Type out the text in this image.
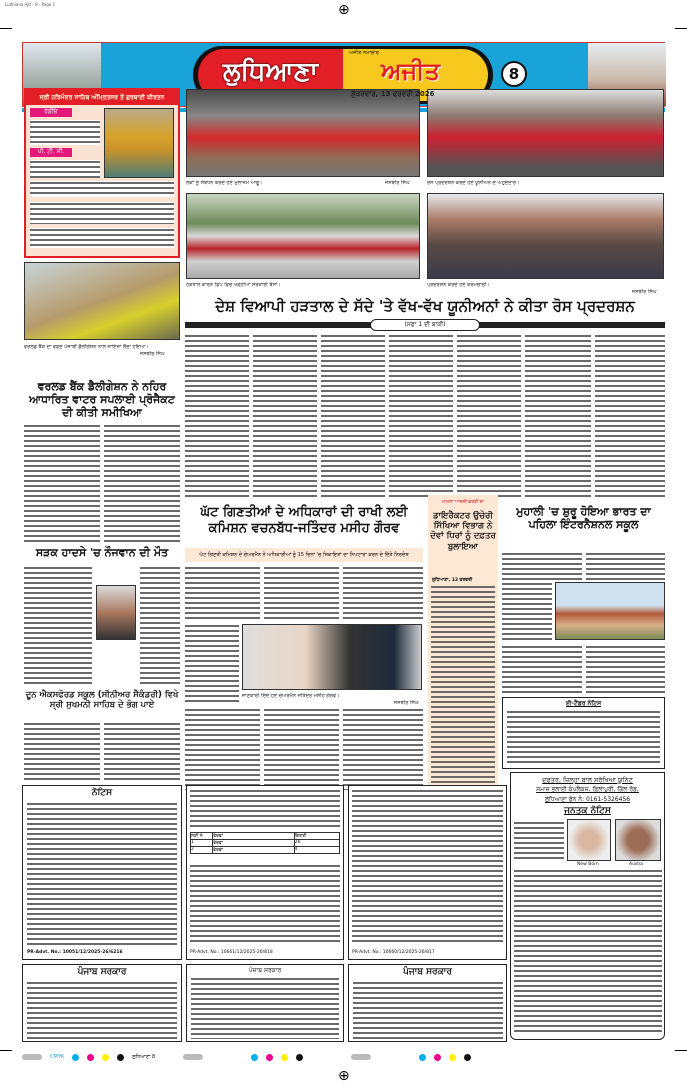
⊕
⊕
Ludhiana Ajit - 8 - Page 1
ਲੁਧਿਆਣਾ
ਅਜੀਤ ਸਮਾਚਾਰ
ਅਜੀਤ
ਸ਼ੁੱਕਰਵਾਰ, 13 ਫਰਵਰੀ 2026
8
ਸ੍ਰੀ ਹਰਿਮੰਦਰ ਸਾਹਿਬ ਅੰਮ੍ਰਿਤਸਰ ਤੋਂ ਗੁਰਬਾਣੀ ਕੀਰਤਨ
ਰੇਡੀਓ
ਪੀ. ਟੀ. ਸੀ.
ਵਰਲਡ ਬੈਂਕ ਦਾ ਵਫ਼ਦ ਪੰਜਾਬੀ ਡੈਲੀਗੇਸ਼ਨ ਨਾਲ ਜਾਇਜ਼ਾ ਲੈਂਦਾ ਹੋਇਆ।
ਜਸਬੀਰ ਸਿੰਘ
ਵਰਲਡ ਬੈਂਕ ਡੈਲੀਗੇਸ਼ਨ ਨੇ ਨਹਿਰ ਆਧਾਰਿਤ ਵਾਟਰ ਸਪਲਾਈ ਪ੍ਰੋਜੈਕਟ ਦੀ ਕੀਤੀ ਸਮੀਖਿਆ
ਸੜਕ ਹਾਦਸੇ 'ਚ ਨੌਜਵਾਨ ਦੀ ਮੌਤ
ਦੂਨ ਐਕਸਫੋਰਡ ਸਕੂਲ (ਸੀਨੀਅਰ ਸੈਕੰਡਰੀ) ਵਿਖੇ ਸ੍ਰੀ ਸੁਖਮਨੀ ਸਾਹਿਬ ਦੇ ਭੋਗ ਪਾਏ
ਲੋਕਾਂ ਨੂੰ ਸੰਬੋਧਨ ਕਰਦੇ ਹੋਏ ਮੁਲਾਜ਼ਮ ਆਗੂ।	ਜਸਬੀਰ ਸਿੰਘ	ਰੋਸ ਪ੍ਰਦਰਸ਼ਨ ਕਰਦੇ ਹੋਏ ਯੂਨੀਅਨ ਦੇ ਅਹੁਦੇਦਾਰ।
ਹੜਤਾਲ ਕਾਰਨ ਡਿਪੋ ਵਿਚ ਖੜ੍ਹੀਆਂ ਸਰਕਾਰੀ ਬੱਸਾਂ।	ਪ੍ਰਦਰਸ਼ਨ ਕਰਦੇ ਹੋਏ ਕਰਮਚਾਰੀ।
ਜਸਬੀਰ ਸਿੰਘ
ਦੇਸ਼ ਵਿਆਪੀ ਹੜਤਾਲ ਦੇ ਸੱਦੇ 'ਤੇ ਵੱਖ-ਵੱਖ ਯੂਨੀਅਨਾਂ ਨੇ ਕੀਤਾ ਰੋਸ ਪ੍ਰਦਰਸ਼ਨ
(ਸਫਾ 1 ਦੀ ਬਾਕੀ)
ਘੱਟ ਗਿਣਤੀਆਂ ਦੇ ਅਧਿਕਾਰਾਂ ਦੀ ਰਾਖੀ ਲਈ ਕਮਿਸ਼ਨ ਵਚਨਬੱਧ-ਜਤਿੰਦਰ ਮਸੀਹ ਗੌਰਵ
ਘੱਟ ਗਿਣਤੀ ਕਮਿਸ਼ਨ ਦੇ ਚੇਅਰਮੈਨ ਨੇ ਅਧਿਕਾਰੀਆਂ ਨੂੰ 15 ਦਿਨਾਂ 'ਚ ਸ਼ਿਕਾਇਤਾਂ ਦਾ ਨਿਪਟਾਰਾ ਕਰਨ ਦੇ ਦਿੱਤੇ ਨਿਰਦੇਸ਼
ਜਾਣਕਾਰੀ ਦਿੰਦੇ ਹੋਏ ਚੇਅਰਮੈਨ ਜਤਿੰਦਰ ਮਸੀਹ ਗੌਰਵ।
ਜਸਬੀਰ ਸਿੰਘ
ਮਾਮਲਾ ਆਰਜ਼ੀ ਭਰਤੀ ਦਾ
ਡਾਇਰੈਕਟਰ ਉਚੇਰੀ ਸਿੱਖਿਆ ਵਿਭਾਗ ਨੇ ਦੋਵਾਂ ਧਿਰਾਂ ਨੂੰ ਦਫ਼ਤਰ ਬੁਲਾਇਆ
ਲੁਧਿਆਣਾ, 12 ਫਰਵਰੀ
ਮੁਹਾਲੀ 'ਚ ਸ਼ੁਰੂ ਹੋਇਆ ਭਾਰਤ ਦਾ ਪਹਿਲਾ ਇੰਟਰਨੈਸ਼ਨਲ ਸਕੂਲ
ਈ-ਟੈਂਡਰ ਨੋਟਿਸ
ਦਫ਼ਤਰ, ਜ਼ਿਲ੍ਹਾ ਬਾਲ ਸੁਰੱਖਿਆ ਯੂਨਿਟ
ਸਮਾਜ ਭਲਾਈ ਕੰਪਲੈਕਸ, ਫ਼ਿਲਾਪੁਰੀ, ਗਿੱਲ ਰੋਡ,
ਲੁਧਿਆਣਾ ਫੋਨ ਨੰ: 0161-5326456
ਜਨਤਕ ਨੋਟਿਸ
New Born	Ausha
ਨੋਟਿਸ
PR-Advt. No.: 10051/12/2025-26/6216
ਲੜੀ ਨੰ	ਵੇਰਵਾ	ਗਿਣਤੀ
1	ਵੇਰਵਾ	26
2	ਵੇਰਵਾ	4
PR-Advt. No.: 10661/12/2025-26/818	PR-Advt. No.: 10660/12/2025-26/817
ਪੰਜਾਬ ਸਰਕਾਰ	ਪੰਜਾਬ ਸਰਕਾਰ	ਪੰਜਾਬ ਸਰਕਾਰ
CMYK	ਲੁਧਿਆਣਾ 8
